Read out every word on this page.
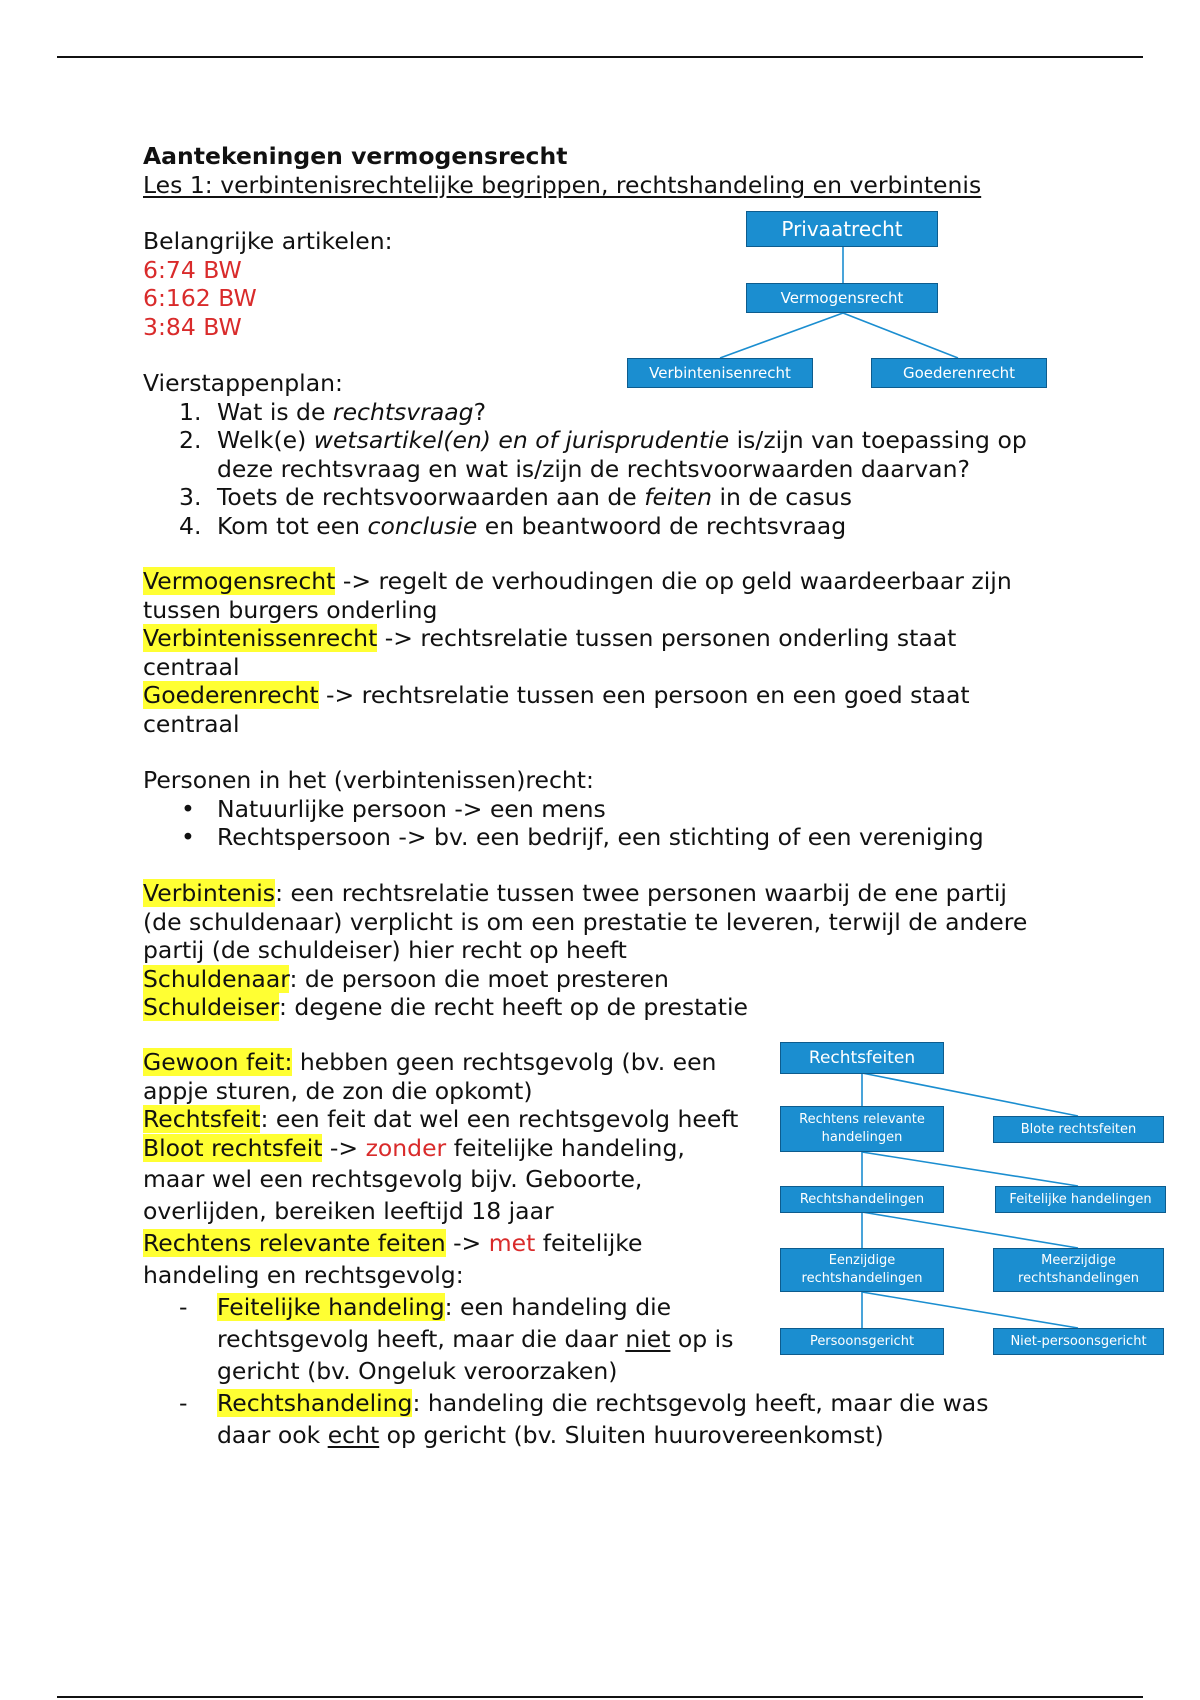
Aantekeningen vermogensrecht
Les 1: verbintenisrechtelijke begrippen, rechtshandeling en verbintenis
Belangrijke artikelen:
6:74 BW
6:162 BW
3:84 BW
Vierstappenplan:
1. Wat is de rechtsvraag?
2. Welk(e) wetsartikel(en) en of jurisprudentie is/zijn van toepassing op
deze rechtsvraag en wat is/zijn de rechtsvoorwaarden daarvan?
3. Toets de rechtsvoorwaarden aan de feiten in de casus
4. Kom tot een conclusie en beantwoord de rechtsvraag
Vermogensrecht -> regelt de verhoudingen die op geld waardeerbaar zijn
tussen burgers onderling
Verbintenissenrecht -> rechtsrelatie tussen personen onderling staat
centraal
Goederenrecht -> rechtsrelatie tussen een persoon en een goed staat
centraal
Personen in het (verbintenissen)recht:
• Natuurlijke persoon -> een mens
• Rechtspersoon -> bv. een bedrijf, een stichting of een vereniging
Verbintenis: een rechtsrelatie tussen twee personen waarbij de ene partij
(de schuldenaar) verplicht is om een prestatie te leveren, terwijl de andere
partij (de schuldeiser) hier recht op heeft
Schuldenaar: de persoon die moet presteren
Schuldeiser: degene die recht heeft op de prestatie
Gewoon feit: hebben geen rechtsgevolg (bv. een
appje sturen, de zon die opkomt)
Rechtsfeit: een feit dat wel een rechtsgevolg heeft
Bloot rechtsfeit -> zonder feitelijke handeling,
maar wel een rechtsgevolg bijv. Geboorte,
overlijden, bereiken leeftijd 18 jaar
Rechtens relevante feiten -> met feitelijke
handeling en rechtsgevolg:
- Feitelijke handeling: een handeling die
rechtsgevolg heeft, maar die daar niet op is
gericht (bv. Ongeluk veroorzaken)
- Rechtshandeling: handeling die rechtsgevolg heeft, maar die was
daar ook echt op gericht (bv. Sluiten huurovereenkomst)
Privaatrecht
Vermogensrecht
Verbintenisenrecht	Goederenrecht
Rechtsfeiten
Rechtens relevante
handelingen
Blote rechtsfeiten
Rechtshandelingen	Feitelijke handelingen
Eenzijdige
rechtshandelingen
Meerzijdige
rechtshandelingen
Persoonsgericht	Niet-persoonsgericht
